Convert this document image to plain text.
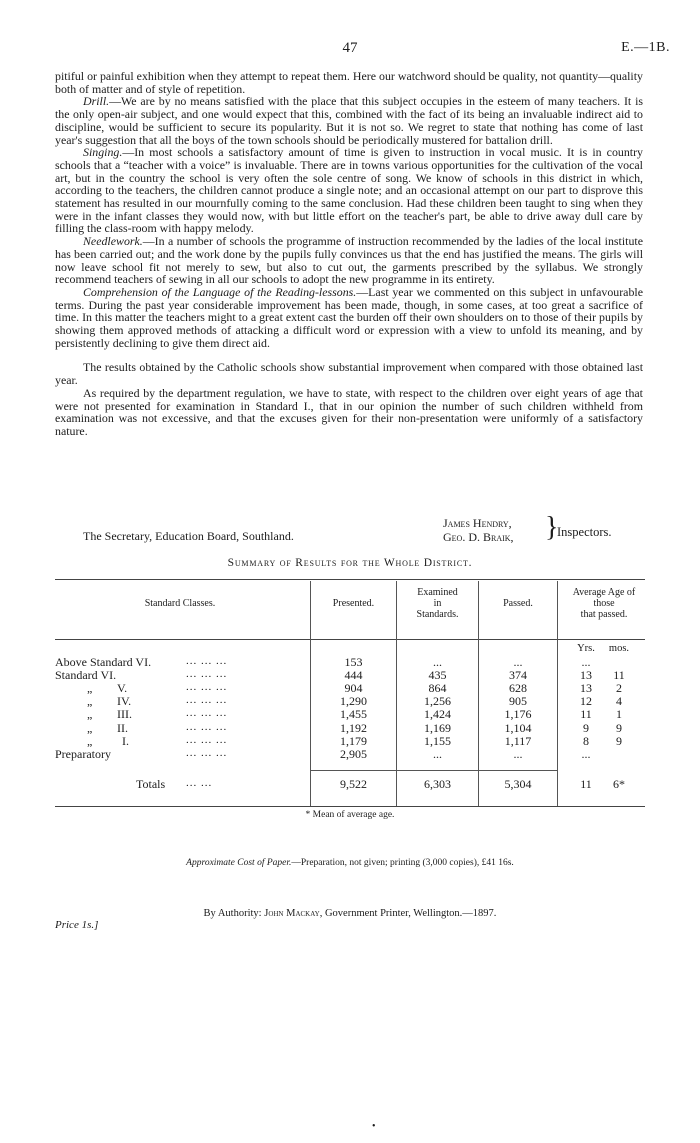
47	E.—1B.

pitiful or painful exhibition when they attempt to repeat them. Here our watchword should be quality, not quantity—quality both of matter and of style of repetition.

Drill.—We are by no means satisfied with the place that this subject occupies in the esteem of many teachers. It is the only open-air subject, and one would expect that this, combined with the fact of its being an invaluable indirect aid to discipline, would be sufficient to secure its popularity. But it is not so. We regret to state that nothing has come of last year's suggestion that all the boys of the town schools should be periodically mustered for battalion drill.

Singing.—In most schools a satisfactory amount of time is given to instruction in vocal music. It is in country schools that a “teacher with a voice” is invaluable. There are in towns various opportunities for the cultivation of the vocal art, but in the country the school is very often the sole centre of song. We know of schools in this district in which, according to the teachers, the children cannot produce a single note; and an occasional attempt on our part to disprove this statement has resulted in our mournfully coming to the same conclusion. Had these children been taught to sing when they were in the infant classes they would now, with but little effort on the teacher's part, be able to drive away dull care by filling the class-room with happy melody.

Needlework.—In a number of schools the programme of instruction recommended by the ladies of the local institute has been carried out; and the work done by the pupils fully convinces us that the end has justified the means. The girls will now leave school fit not merely to sew, but also to cut out, the garments prescribed by the syllabus. We strongly recommend teachers of sewing in all our schools to adopt the new programme in its entirety.

Comprehension of the Language of the Reading-lessons.—Last year we commented on this subject in unfavourable terms. During the past year considerable improvement has been made, though, in some cases, at too great a sacrifice of time. In this matter the teachers might to a great extent cast the burden off their own shoulders on to those of their pupils by showing them approved methods of attacking a difficult word or expression with a view to unfold its meaning, and by persistently declining to give them direct aid.

The results obtained by the Catholic schools show substantial improvement when compared with those obtained last year.

As required by the department regulation, we have to state, with respect to the children over eight years of age that were not presented for examination in Standard I., that in our opinion the number of such children withheld from examination was not excessive, and that the excuses given for their non-presentation were uniformly of a satisfactory nature.

The Secretary, Education Board, Southland.
James Hendry,
Geo. D. Braik, }
Inspectors.
Summary of Results for the Whole District.
Standard Classes.	Presented.
Examined
in
Standards.
Passed.
Average Age of
those
that passed.
Yrs.	mos.
Above Standard VI.	... ... ...	153	...	...	...
Standard VI.	... ... ...	444	435	374	13	11
„ V.	... ... ...	904	864	628	13	2
„ IV.	... ... ...	1,290	1,256	905	12	4
„ III.	... ... ...	1,455	1,424	1,176	11	1
„ II.	... ... ...	1,192	1,169	1,104	9	9
„ I.	... ... ...	1,179	1,155	1,117	8	9
Preparatory	... ... ...	2,905	...	...	...
Totals ... ...	9,522	6,303	5,304	11	6*
* Mean of average age.
Approximate Cost of Paper.—Preparation, not given; printing (3,000 copies), £41 16s.
By Authority: John Mackay, Government Printer, Wellington.—1897.
Price 1s.]
•
